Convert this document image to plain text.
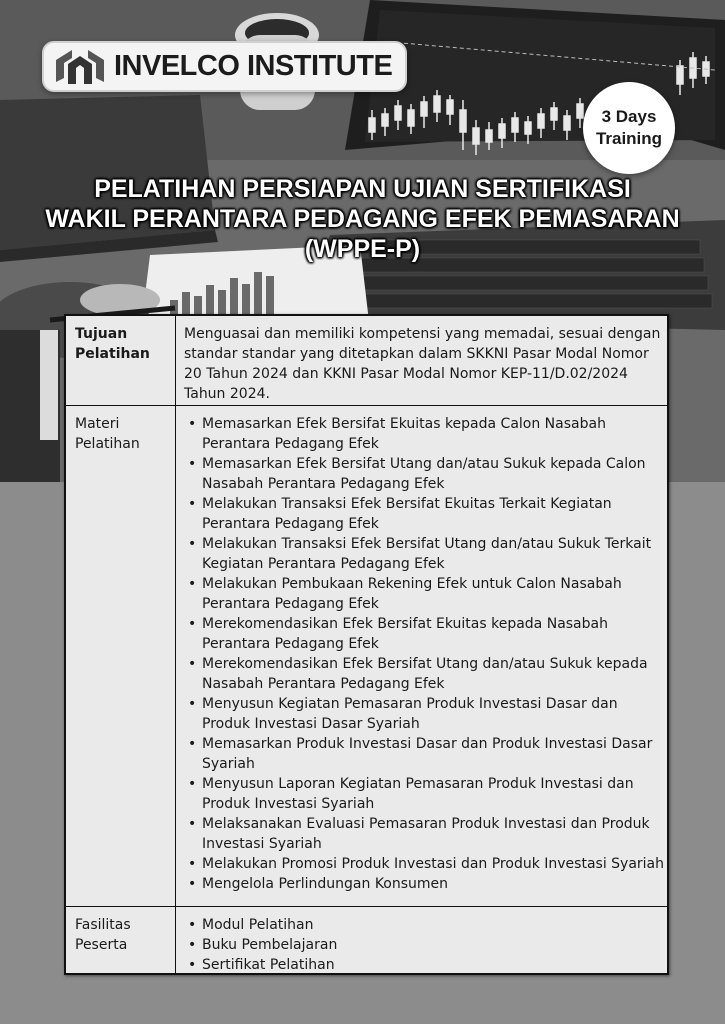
INVELCO INSTITUTE
3 Days
Training
PELATIHAN PERSIAPAN UJIAN SERTIFIKASI
WAKIL PERANTARA PEDAGANG EFEK PEMASARAN
(WPPE-P)
Tujuan
Pelatihan
Menguasai dan memiliki kompetensi yang memadai, sesuai dengan
standar standar yang ditetapkan dalam SKKNI Pasar Modal Nomor
20 Tahun 2024 dan KKNI Pasar Modal Nomor KEP-11/D.02/2024
Tahun 2024.
Materi
Pelatihan
• Memasarkan Efek Bersifat Ekuitas kepada Calon Nasabah
Perantara Pedagang Efek
• Memasarkan Efek Bersifat Utang dan/atau Sukuk kepada Calon
Nasabah Perantara Pedagang Efek
• Melakukan Transaksi Efek Bersifat Ekuitas Terkait Kegiatan
Perantara Pedagang Efek
• Melakukan Transaksi Efek Bersifat Utang dan/atau Sukuk Terkait
Kegiatan Perantara Pedagang Efek
• Melakukan Pembukaan Rekening Efek untuk Calon Nasabah
Perantara Pedagang Efek
• Merekomendasikan Efek Bersifat Ekuitas kepada Nasabah
Perantara Pedagang Efek
• Merekomendasikan Efek Bersifat Utang dan/atau Sukuk kepada
Nasabah Perantara Pedagang Efek
• Menyusun Kegiatan Pemasaran Produk Investasi Dasar dan
Produk Investasi Dasar Syariah
• Memasarkan Produk Investasi Dasar dan Produk Investasi Dasar
Syariah
• Menyusun Laporan Kegiatan Pemasaran Produk Investasi dan
Produk Investasi Syariah
• Melaksanakan Evaluasi Pemasaran Produk Investasi dan Produk
Investasi Syariah
• Melakukan Promosi Produk Investasi dan Produk Investasi Syariah
• Mengelola Perlindungan Konsumen
Fasilitas
Peserta
• Modul Pelatihan
• Buku Pembelajaran
• Sertifikat Pelatihan
